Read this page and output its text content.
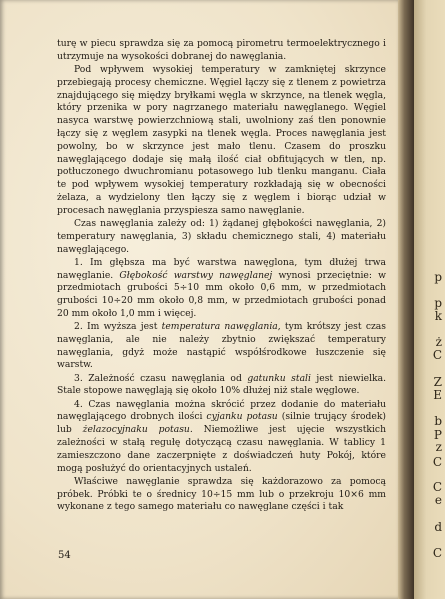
turę w piecu sprawdza się za pomocą pirometru termoelektrycznego i utrzymuje na wysokości dobranej do nawęglania.

Pod wpływem wysokiej temperatury w zamkniętej skrzynce przebiegają procesy chemiczne. Węgiel łączy się z tlenem z powietrza znajdującego się między bryłkami węgla w skrzynce, na tlenek węgla, który przenika w pory nagrzanego materiału nawęglanego. Węgiel nasyca warstwę powierzchniową stali, uwolniony zaś tlen ponownie łączy się z węglem zasypki na tlenek węgla. Proces nawęglania jest powolny, bo w skrzynce jest mało tlenu. Czasem do proszku nawęglającego dodaje się małą ilość ciał obfitujących w tlen, np. potłuczonego dwuchromianu potasowego lub tlenku manganu. Ciała te pod wpływem wysokiej temperatury rozkładają się w obecności żelaza, a wydzielony tlen łączy się z węglem i biorąc udział w procesach nawęglania przyspiesza samo nawęglanie.

Czas nawęglania zależy od: 1) żądanej głębokości nawęglania, 2) temperatury nawęglania, 3) składu chemicznego stali, 4) materiału nawęglającego.

1. Im głębsza ma być warstwa nawęglona, tym dłużej trwa nawęglanie. Głębokość warstwy nawęglanej wynosi przeciętnie: w przedmiotach grubości 5÷10 mm około 0,6 mm, w przedmiotach grubości 10÷20 mm około 0,8 mm, w przedmiotach grubości ponad 20 mm około 1,0 mm i więcej.

2. Im wyższa jest temperatura nawęglania, tym krótszy jest czas nawęglania, ale nie należy zbytnio zwiększać temperatury nawęglania, gdyż może nastąpić współśrodkowe łuszczenie się warstw.

3. Zależność czasu nawęglania od gatunku stali jest niewielka. Stale stopowe nawęglają się około 10% dłużej niż stale węglowe.

4. Czas nawęglania można skrócić przez dodanie do materiału nawęglającego drobnych ilości cyjanku potasu (silnie trujący środek) lub żelazocyjnaku potasu. Niemożliwe jest ujęcie wszystkich zależności w stałą regułę dotyczącą czasu nawęglania. W tablicy 1 zamieszczono dane zaczerpnięte z doświadczeń huty Pokój, które mogą posłużyć do orientacyjnych ustaleń.

Właściwe nawęglanie sprawdza się każdorazowo za pomocą próbek. Próbki te o średnicy 10÷15 mm lub o przekroju 10×6 mm wykonane z tego samego materiału co nawęglane części i tak

54
p
p
k
ż
C
Z
E
b
P
z
C
C
e
d
C
